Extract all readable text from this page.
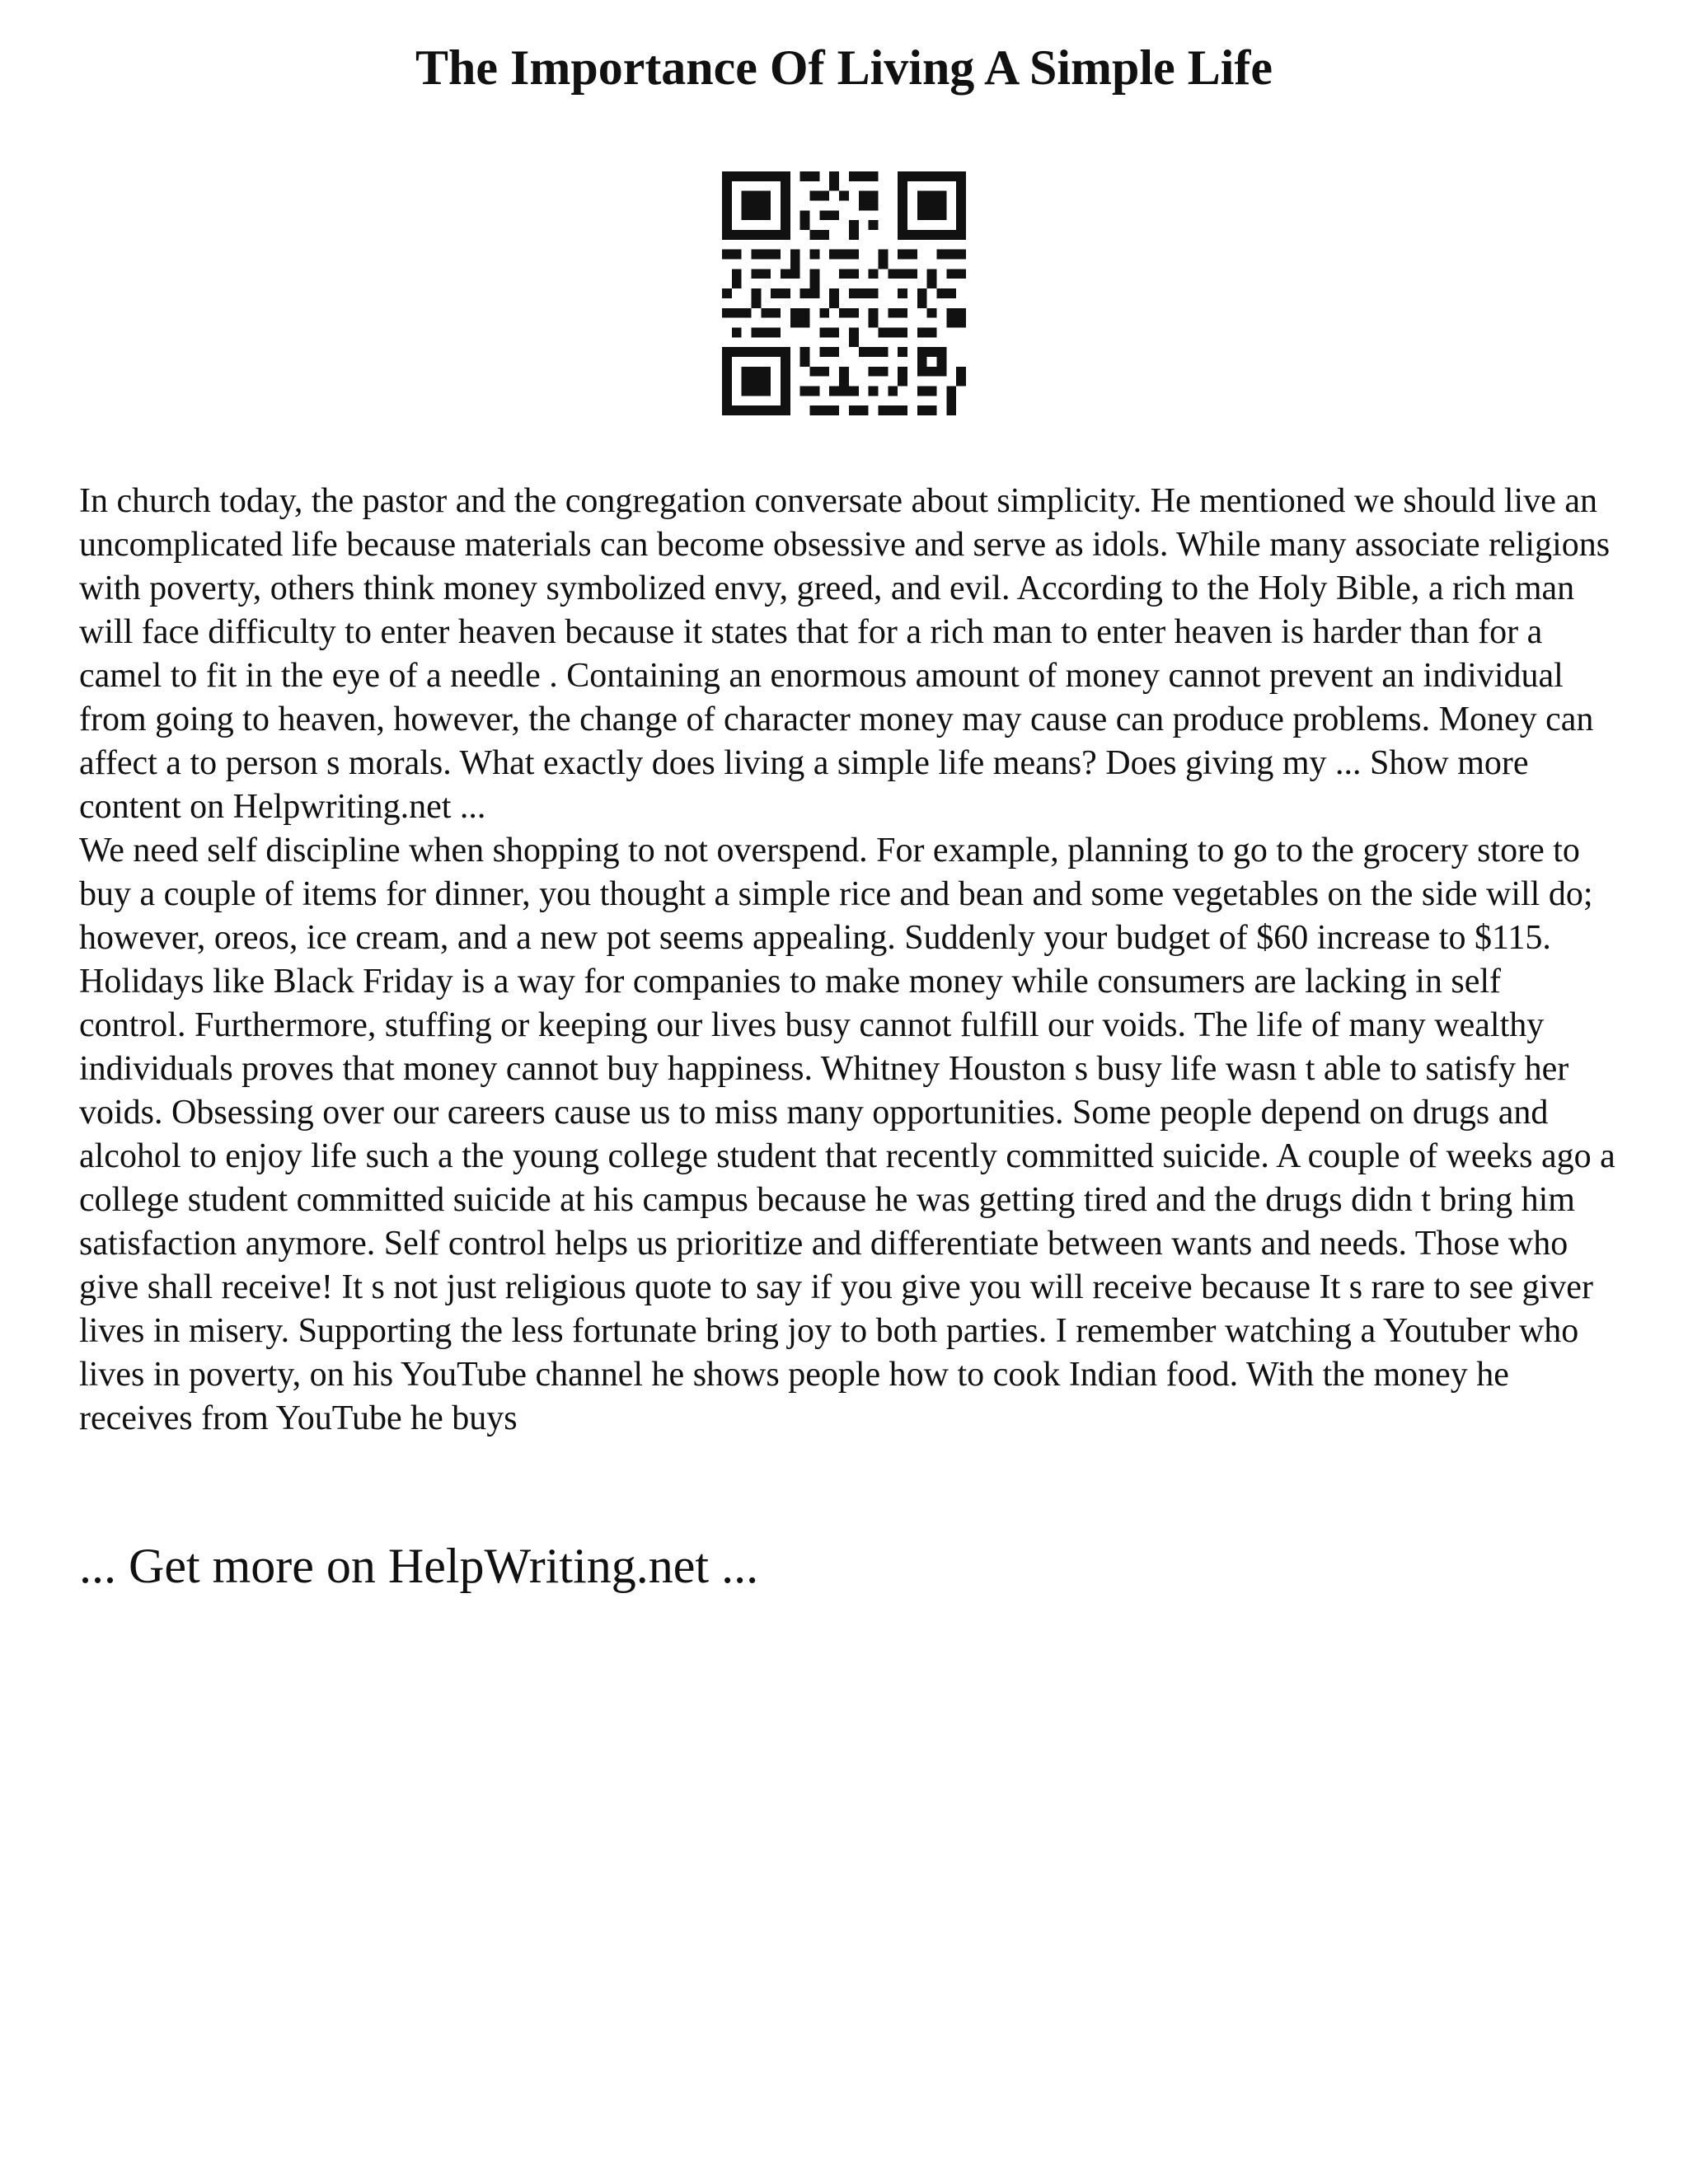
The Importance Of Living A Simple Life

In church today, the pastor and the congregation conversate about simplicity. He mentioned we should live an uncomplicated life because materials can become obsessive and serve as idols. While many associate religions with poverty, others think money symbolized envy, greed, and evil. According to the Holy Bible, a rich man will face difficulty to enter heaven because it states that for a rich man to enter heaven is harder than for a camel to fit in the eye of a needle . Containing an enormous amount of money cannot prevent an individual from going to heaven, however, the change of character money may cause can produce problems. Money can affect a to person s morals. What exactly does living a simple life means? Does giving my ... Show more content on Helpwriting.net ...

We need self discipline when shopping to not overspend. For example, planning to go to the grocery store to buy a couple of items for dinner, you thought a simple rice and bean and some vegetables on the side will do; however, oreos, ice cream, and a new pot seems appealing. Suddenly your budget of $60 increase to $115. Holidays like Black Friday is a way for companies to make money while consumers are lacking in self control. Furthermore, stuffing or keeping our lives busy cannot fulfill our voids. The life of many wealthy individuals proves that money cannot buy happiness. Whitney Houston s busy life wasn t able to satisfy her voids. Obsessing over our careers cause us to miss many opportunities. Some people depend on drugs and alcohol to enjoy life such a the young college student that recently committed suicide. A couple of weeks ago a college student committed suicide at his campus because he was getting tired and the drugs didn t bring him satisfaction anymore. Self control helps us prioritize and differentiate between wants and needs. Those who give shall receive! It s not just religious quote to say if you give you will receive because It s rare to see giver lives in misery. Supporting the less fortunate bring joy to both parties. I remember watching a Youtuber who lives in poverty, on his YouTube channel he shows people how to cook Indian food. With the money he receives from YouTube he buys

... Get more on HelpWriting.net ...
